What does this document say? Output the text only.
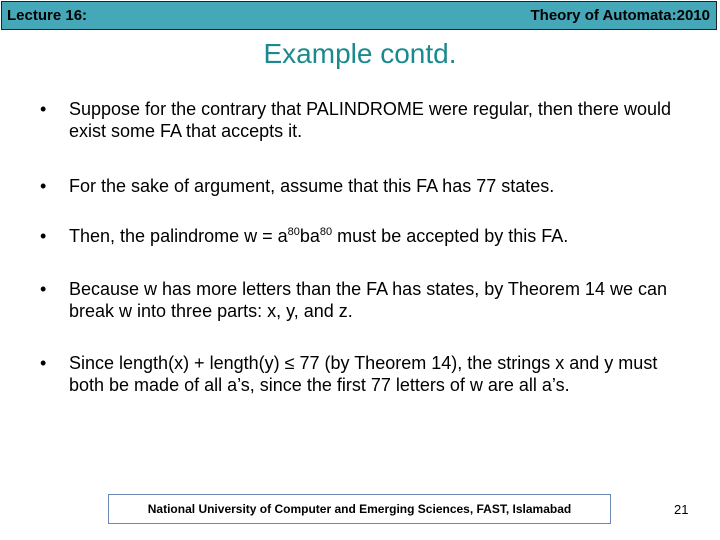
Lecture 16:	Theory of Automata:2010
Example contd.
•	Suppose for the contrary that PALINDROME were regular, then there would exist some FA that accepts it.
•	For the sake of argument, assume that this FA has 77 states.
•	Then, the palindrome $w = a^{80}ba^{80}$ must be accepted by this FA.
•	Because w has more letters than the FA has states, by Theorem 14 we can break w into three parts: x, y, and z.
•	Since length(x) + length(y) ≤ 77 (by Theorem 14), the strings x and y must both be made of all a’s, since the first 77 letters of w are all a’s.
National University of Computer and Emerging Sciences, FAST, Islamabad	21
